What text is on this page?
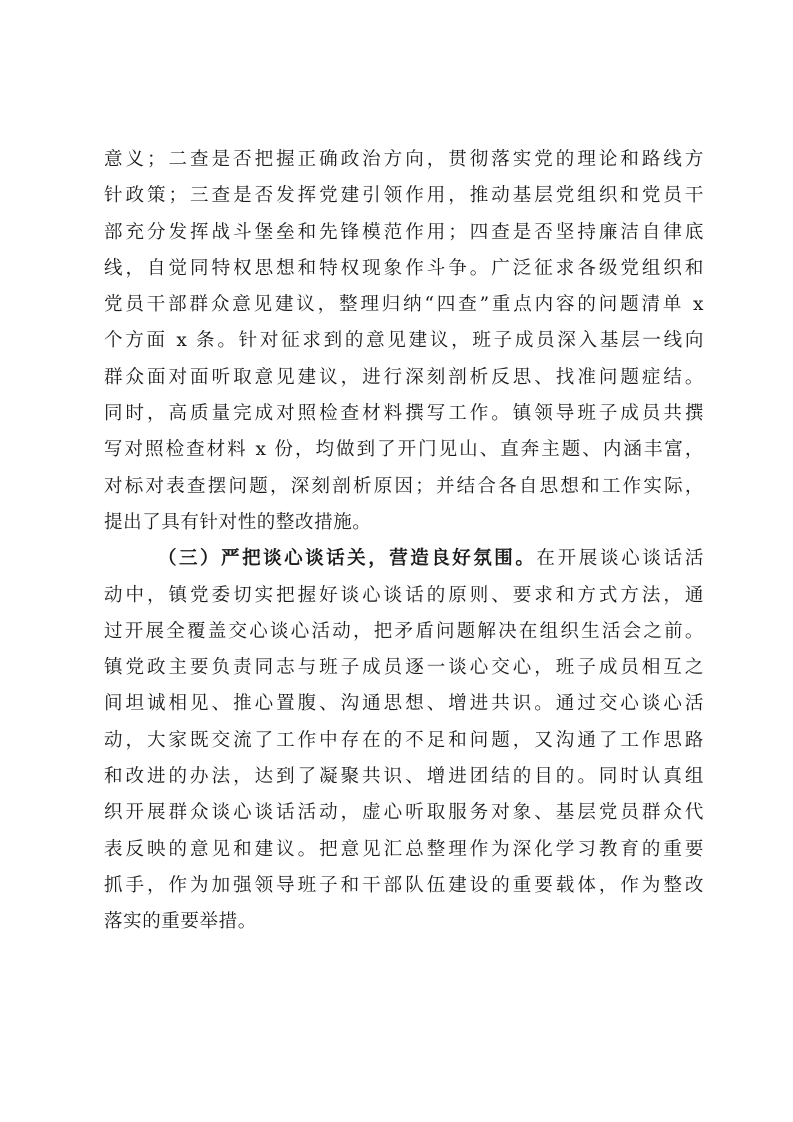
意义；二查是否把握正确政治方向，贯彻落实党的理论和路线方
针政策；三查是否发挥党建引领作用，推动基层党组织和党员干
部充分发挥战斗堡垒和先锋模范作用；四查是否坚持廉洁自律底
线，自觉同特权思想和特权现象作斗争。广泛征求各级党组织和
党员干部群众意见建议，整理归纳“四查”重点内容的问题清单 x
个方面 x 条。针对征求到的意见建议，班子成员深入基层一线向
群众面对面听取意见建议，进行深刻剖析反思、找准问题症结。
同时，高质量完成对照检查材料撰写工作。镇领导班子成员共撰
写对照检查材料 x 份，均做到了开门见山、直奔主题、内涵丰富，
对标对表查摆问题，深刻剖析原因；并结合各自思想和工作实际，
提出了具有针对性的整改措施。
（三）严把谈心谈话关，营造良好氛围。在开展谈心谈话活
动中，镇党委切实把握好谈心谈话的原则、要求和方式方法，通
过开展全覆盖交心谈心活动，把矛盾问题解决在组织生活会之前。
镇党政主要负责同志与班子成员逐一谈心交心，班子成员相互之
间坦诚相见、推心置腹、沟通思想、增进共识。通过交心谈心活
动，大家既交流了工作中存在的不足和问题，又沟通了工作思路
和改进的办法，达到了凝聚共识、增进团结的目的。同时认真组
织开展群众谈心谈话活动，虚心听取服务对象、基层党员群众代
表反映的意见和建议。把意见汇总整理作为深化学习教育的重要
抓手，作为加强领导班子和干部队伍建设的重要载体，作为整改
落实的重要举措。
